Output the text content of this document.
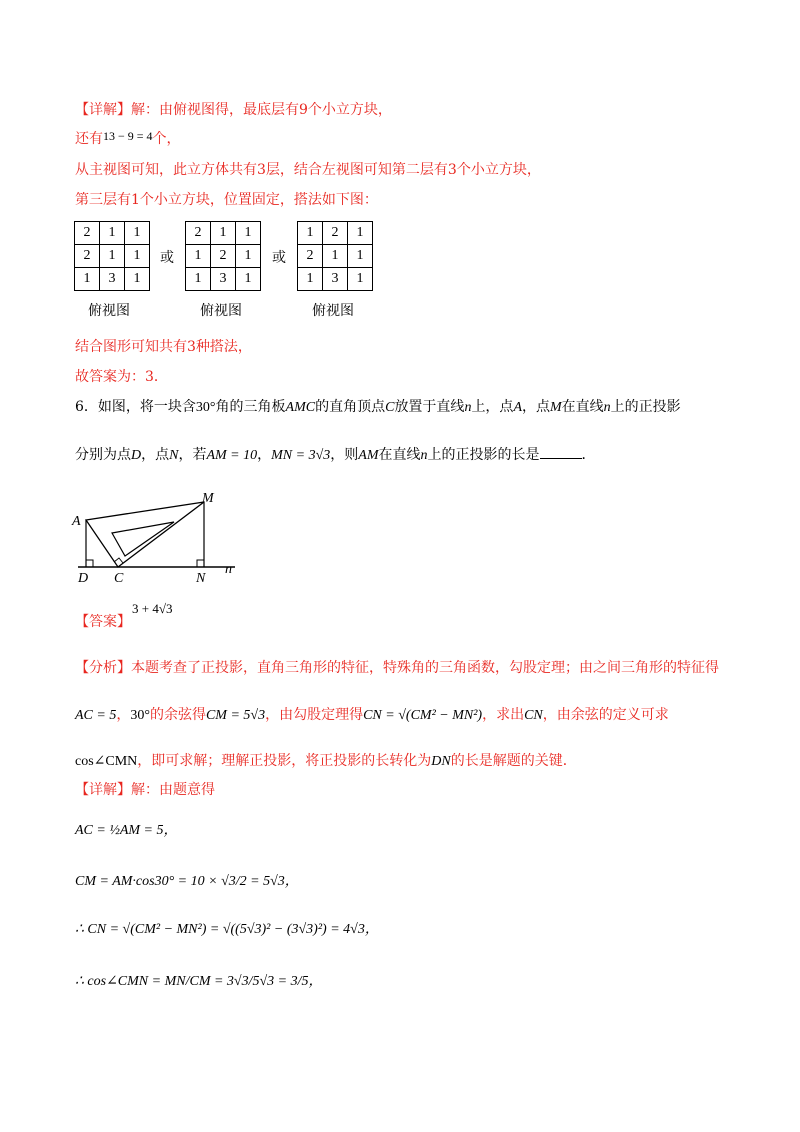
【详解】解：由俯视图得，最底层有9个小立方块，
还有13 − 9 = 4个，
从主视图可知，此立方体共有3层，结合左视图可知第二层有3个小立方块，
第三层有1个小立方块，位置固定，搭法如下图：
2	1	1
2	1	1
1	3	1
俯视图
或
2	1	1
1	2	1
1	3	1
俯视图
或
1	2	1
2	1	1
1	3	1
俯视图
结合图形可知共有3种搭法，
故答案为：3．
6．如图，将一块含30°角的三角板AMC的直角顶点C放置于直线n上，点A，点M在直线n上的正投影
分别为点D，点N，若AM = 10，MN = 3√3，则AM在直线n上的正投影的长是	．
A
M
D C	N
n
【答案】
3 + 4√3
【分析】本题考查了正投影，直角三角形的特征，特殊角的三角函数，勾股定理；由之间三角形的特征得
AC = 5，30°的余弦得CM = 5√3，由勾股定理得CN = √(CM² − MN²)，求出CN，由余弦的定义可求
cos∠CMN，即可求解；理解正投影，将正投影的长转化为DN的长是解题的关键．
【详解】解：由题意得
AC = ½AM = 5，
CM = AM·cos30° = 10 × √3/2 = 5√3，
∴ CN = √(CM² − MN²) = √((5√3)² − (3√3)²) = 4√3，
∴ cos∠CMN = MN/CM = 3√3/5√3 = 3/5，
